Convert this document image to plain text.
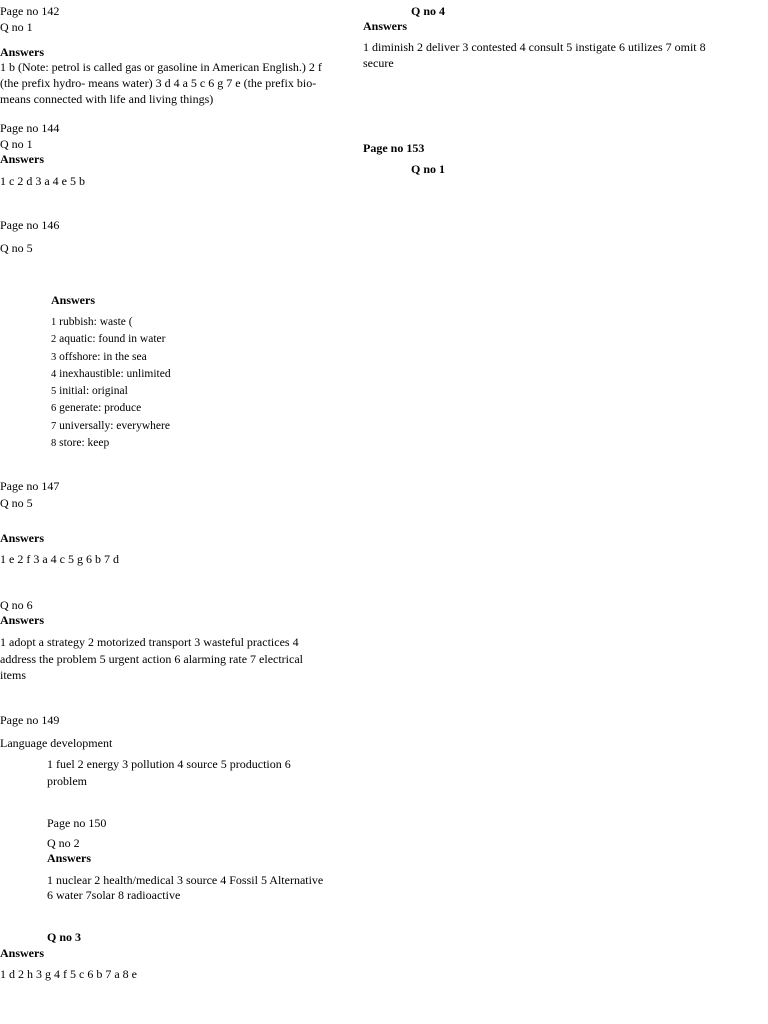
Page no 142
Q no 1
Answers
1 b (Note: petrol is called gas or gasoline in American English.) 2 f
(the prefix hydro- means water) 3 d 4 a 5 c 6 g 7 e (the prefix bio-
means connected with life and living things)
Page no 144
Q no 1
Answers
1 c 2 d 3 a 4 e 5 b
Page no 146
Q no 5
Answers
1 rubbish: waste (
2 aquatic: found in water
3 offshore: in the sea
4 inexhaustible: unlimited
5 initial: original
6 generate: produce
7 universally: everywhere
8 store: keep
Page no 147
Q no 5
Answers
1 e 2 f 3 a 4 c 5 g 6 b 7 d
Q no 6
Answers
1 adopt a strategy 2 motorized transport 3 wasteful practices 4
address the problem 5 urgent action 6 alarming rate 7 electrical
items
Page no 149
Language development
1 fuel 2 energy 3 pollution 4 source 5 production 6
problem
Page no 150
Q no 2
Answers
1 nuclear 2 health/medical 3 source 4 Fossil 5 Alternative
6 water 7solar 8 radioactive
Q no 3
Answers
1 d 2 h 3 g 4 f 5 c 6 b 7 a 8 e
Q no 4
Answers
1 diminish 2 deliver 3 contested 4 consult 5 instigate 6 utilizes 7 omit 8
secure
Page no 153
Q no 1
